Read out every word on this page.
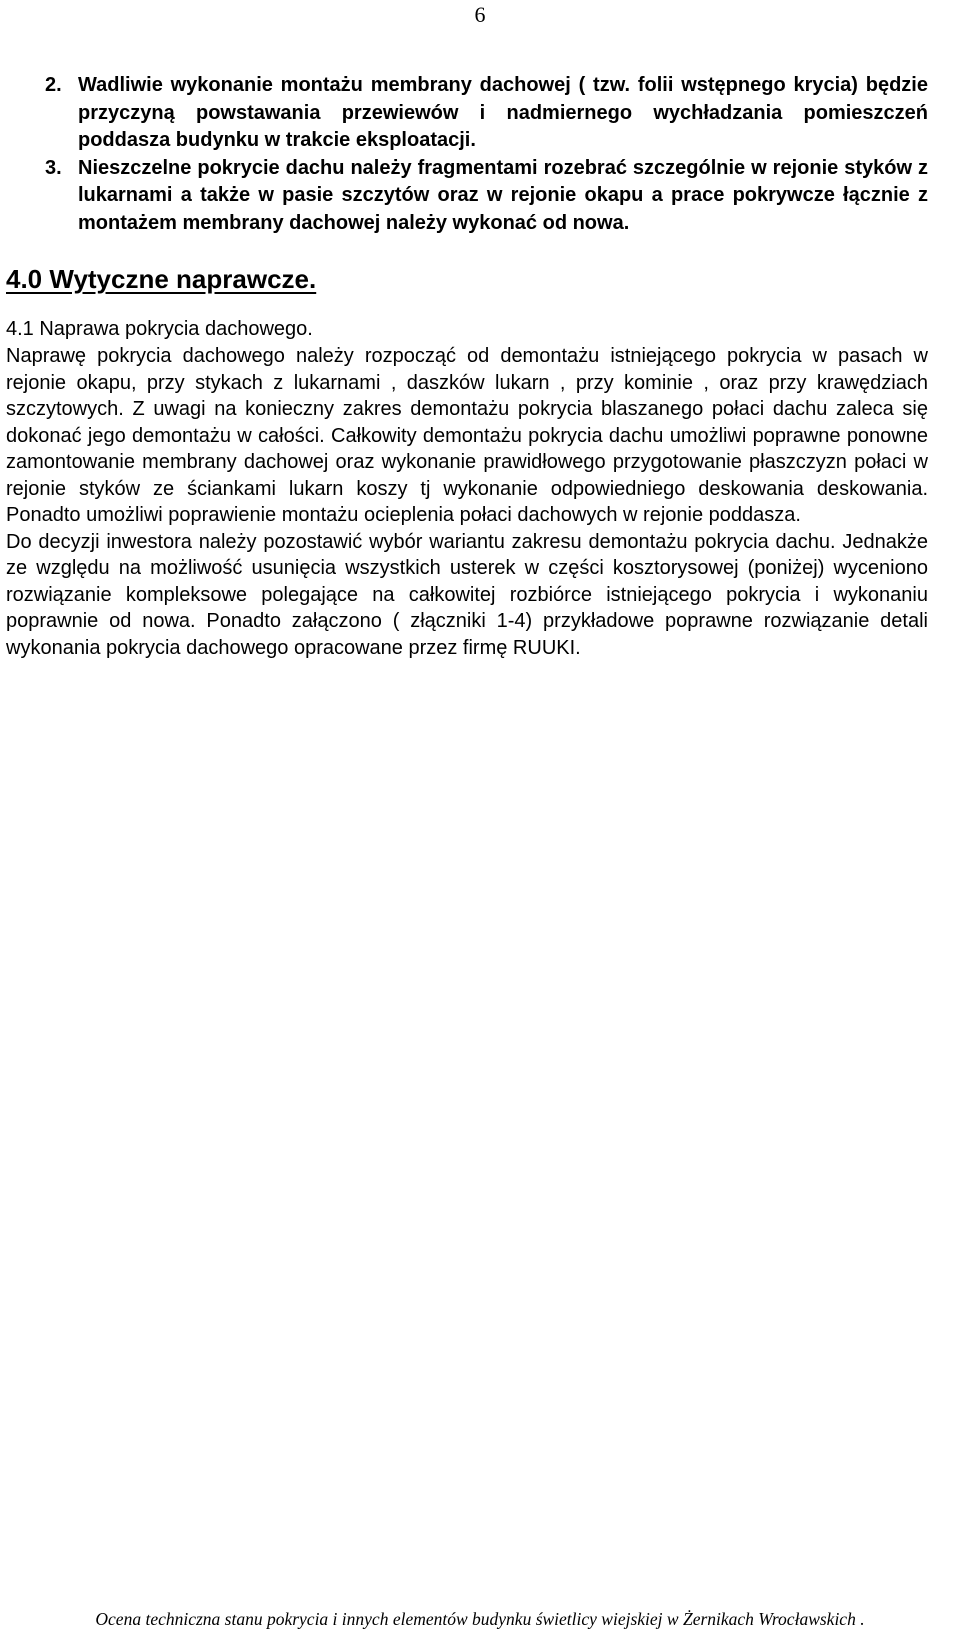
6
2. Wadliwie wykonanie montażu membrany dachowej ( tzw. folii wstępnego krycia) będzie przyczyną powstawania przewiewów i nadmiernego wychładzania pomieszczeń poddasza budynku w trakcie eksploatacji.
3. Nieszczelne pokrycie dachu należy fragmentami rozebrać szczególnie w rejonie styków z lukarnami a także w pasie szczytów oraz w rejonie okapu a prace pokrywcze łącznie z montażem membrany dachowej należy wykonać od nowa.
4.0 Wytyczne naprawcze.
4.1 Naprawa pokrycia dachowego.

Naprawę pokrycia dachowego należy rozpocząć od demontażu istniejącego pokrycia w pasach w rejonie okapu, przy stykach z lukarnami , daszków lukarn , przy kominie , oraz przy krawędziach szczytowych. Z uwagi na konieczny zakres demontażu pokrycia blaszanego połaci dachu zaleca się dokonać jego demontażu w całości. Całkowity demontażu pokrycia dachu umożliwi poprawne ponowne zamontowanie membrany dachowej oraz wykonanie prawidłowego przygotowanie płaszczyzn połaci w rejonie styków ze ściankami lukarn koszy tj wykonanie odpowiedniego deskowania deskowania. Ponadto umożliwi poprawienie montażu ocieplenia połaci dachowych w rejonie poddasza.

Do decyzji inwestora należy pozostawić wybór wariantu zakresu demontażu pokrycia dachu. Jednakże ze względu na możliwość usunięcia wszystkich usterek w części kosztorysowej (poniżej) wyceniono rozwiązanie kompleksowe polegające na całkowitej rozbiórce istniejącego pokrycia i wykonaniu poprawnie od nowa. Ponadto załączono ( złączniki 1-4) przykładowe poprawne rozwiązanie detali wykonania pokrycia dachowego opracowane przez firmę RUUKI.

Ocena techniczna stanu pokrycia i innych elementów budynku świetlicy wiejskiej w Żernikach Wrocławskich .
